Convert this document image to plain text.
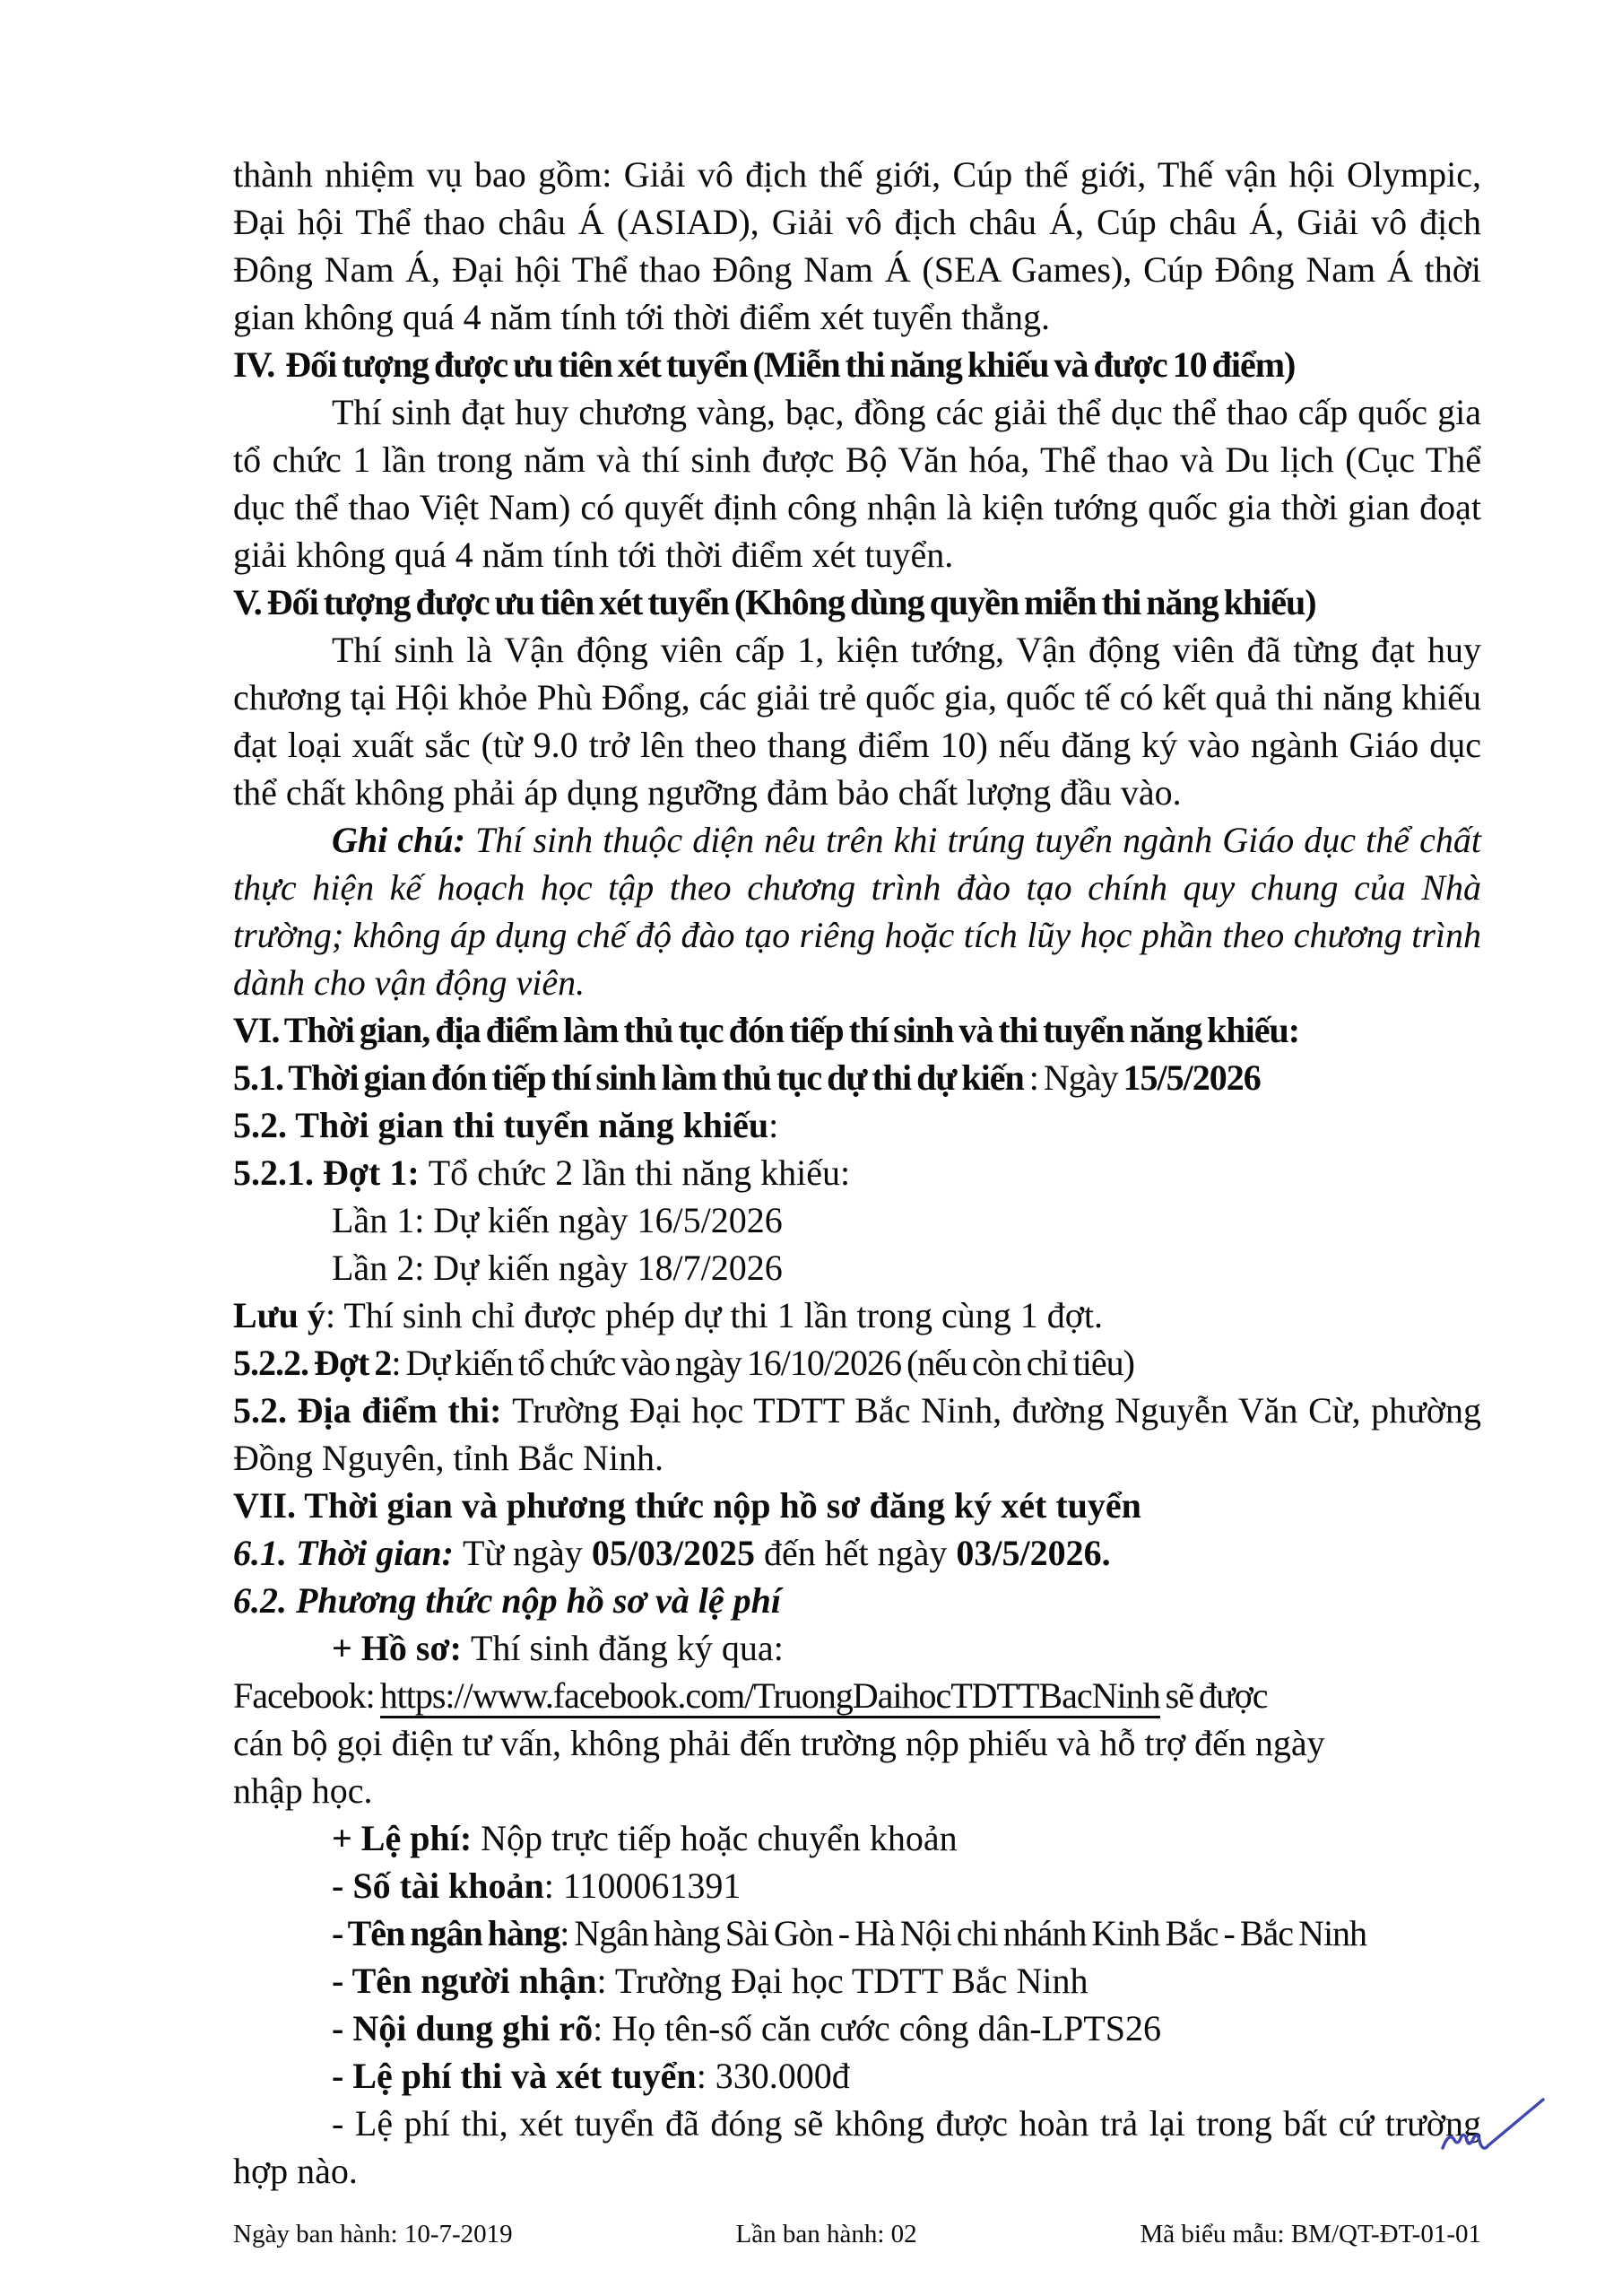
thành nhiệm vụ bao gồm: Giải vô địch thế giới, Cúp thế giới, Thế vận hội Olympic, Đại hội Thể thao châu Á (ASIAD), Giải vô địch châu Á, Cúp châu Á, Giải vô địch Đông Nam Á, Đại hội Thể thao Đông Nam Á (SEA Games), Cúp Đông Nam Á thời gian không quá 4 năm tính tới thời điểm xét tuyển thẳng.

IV.  Đối tượng được ưu tiên xét tuyển (Miễn thi năng khiếu và được 10 điểm)

Thí sinh đạt huy chương vàng, bạc, đồng các giải thể dục thể thao cấp quốc gia tổ chức 1 lần trong năm và thí sinh được Bộ Văn hóa, Thể thao và Du lịch (Cục Thể dục thể thao Việt Nam) có quyết định công nhận là kiện tướng quốc gia thời gian đoạt giải không quá 4 năm tính tới thời điểm xét tuyển.

V. Đối tượng được ưu tiên xét tuyển (Không dùng quyền miễn thi năng khiếu)

Thí sinh là Vận động viên cấp 1, kiện tướng, Vận động viên đã từng đạt huy chương tại Hội khỏe Phù Đổng, các giải trẻ quốc gia, quốc tế có kết quả thi năng khiếu đạt loại xuất sắc (từ 9.0 trở lên theo thang điểm 10) nếu đăng ký vào ngành Giáo dục thể chất không phải áp dụng ngưỡng đảm bảo chất lượng đầu vào.

Ghi chú: Thí sinh thuộc diện nêu trên khi trúng tuyển ngành Giáo dục thể chất thực hiện kế hoạch học tập theo chương trình đào tạo chính quy chung của Nhà trường; không áp dụng chế độ đào tạo riêng hoặc tích lũy học phần theo chương trình dành cho vận động viên.

VI. Thời gian, địa điểm làm thủ tục đón tiếp thí sinh và thi tuyển năng khiếu:

5.1. Thời gian đón tiếp thí sinh làm thủ tục dự thi dự kiến : Ngày 15/5/2026

5.2. Thời gian thi tuyển năng khiếu:

5.2.1. Đợt 1: Tổ chức 2 lần thi năng khiếu:

Lần 1: Dự kiến ngày 16/5/2026

Lần 2: Dự kiến ngày 18/7/2026

Lưu ý: Thí sinh chỉ được phép dự thi 1 lần trong cùng 1 đợt.

5.2.2. Đợt 2: Dự kiến tổ chức vào ngày 16/10/2026 (nếu còn chỉ tiêu)

5.2. Địa điểm thi: Trường Đại học TDTT Bắc Ninh, đường Nguyễn Văn Cừ, phường Đồng Nguyên, tỉnh Bắc Ninh.

VII. Thời gian và phương thức nộp hồ sơ đăng ký xét tuyển

6.1. Thời gian: Từ ngày 05/03/2025 đến hết ngày 03/5/2026.

6.2. Phương thức nộp hồ sơ và lệ phí

+ Hồ sơ: Thí sinh đăng ký qua:

Facebook: https://www.facebook.com/TruongDaihocTDTTBacNinh sẽ được

cán bộ gọi điện tư vấn, không phải đến trường nộp phiếu và hỗ trợ đến ngày

nhập học.

+ Lệ phí: Nộp trực tiếp hoặc chuyển khoản

- Số tài khoản: 1100061391

- Tên ngân hàng: Ngân hàng Sài Gòn - Hà Nội chi nhánh Kinh Bắc - Bắc Ninh

- Tên người nhận: Trường Đại học TDTT Bắc Ninh

- Nội dung ghi rõ: Họ tên-số căn cước công dân-LPTS26

- Lệ phí thi và xét tuyển: 330.000đ

- Lệ phí thi, xét tuyển đã đóng sẽ không được hoàn trả lại trong bất cứ trường hợp nào.

Ngày ban hành: 10-7-2019	Lần ban hành: 02	Mã biểu mẫu: BM/QT-ĐT-01-01
